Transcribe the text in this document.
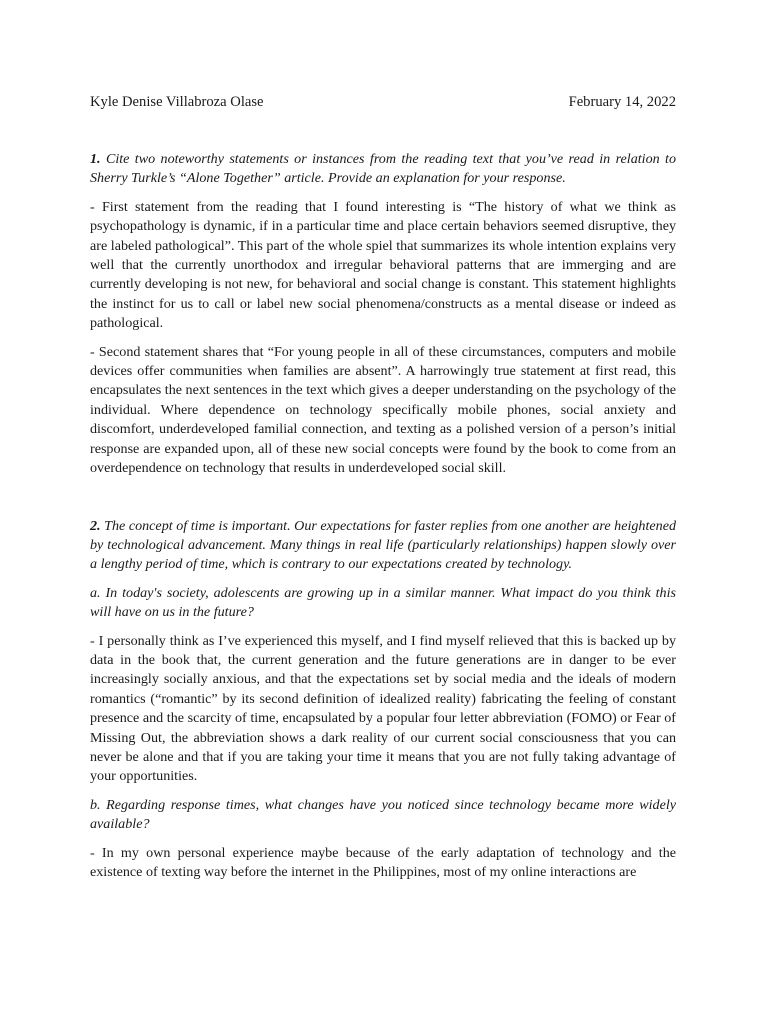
Kyle Denise Villabroza Olase	February 14, 2022

1. Cite two noteworthy statements or instances from the reading text that you’ve read in relation to Sherry Turkle’s “Alone Together” article. Provide an explanation for your response.

- First statement from the reading that I found interesting is “The history of what we think as psychopathology is dynamic, if in a particular time and place certain behaviors seemed disruptive, they are labeled pathological”. This part of the whole spiel that summarizes its whole intention explains very well that the currently unorthodox and irregular behavioral patterns that are immerging and are currently developing is not new, for behavioral and social change is constant. This statement highlights the instinct for us to call or label new social phenomena/constructs as a mental disease or indeed as pathological.

- Second statement shares that “For young people in all of these circumstances, computers and mobile devices offer communities when families are absent”. A harrowingly true statement at first read, this encapsulates the next sentences in the text which gives a deeper understanding on the psychology of the individual. Where dependence on technology specifically mobile phones, social anxiety and discomfort, underdeveloped familial connection, and texting as a polished version of a person’s initial response are expanded upon, all of these new social concepts were found by the book to come from an overdependence on technology that results in underdeveloped social skill.

2. The concept of time is important. Our expectations for faster replies from one another are heightened by technological advancement. Many things in real life (particularly relationships) happen slowly over a lengthy period of time, which is contrary to our expectations created by technology.

a. In today's society, adolescents are growing up in a similar manner. What impact do you think this will have on us in the future?

- I personally think as I’ve experienced this myself, and I find myself relieved that this is backed up by data in the book that, the current generation and the future generations are in danger to be ever increasingly socially anxious, and that the expectations set by social media and the ideals of modern romantics (“romantic” by its second definition of idealized reality) fabricating the feeling of constant presence and the scarcity of time, encapsulated by a popular four letter abbreviation (FOMO) or Fear of Missing Out, the abbreviation shows a dark reality of our current social consciousness that you can never be alone and that if you are taking your time it means that you are not fully taking advantage of your opportunities.

b. Regarding response times, what changes have you noticed since technology became more widely available?

- In my own personal experience maybe because of the early adaptation of technology and the existence of texting way before the internet in the Philippines, most of my online interactions are
